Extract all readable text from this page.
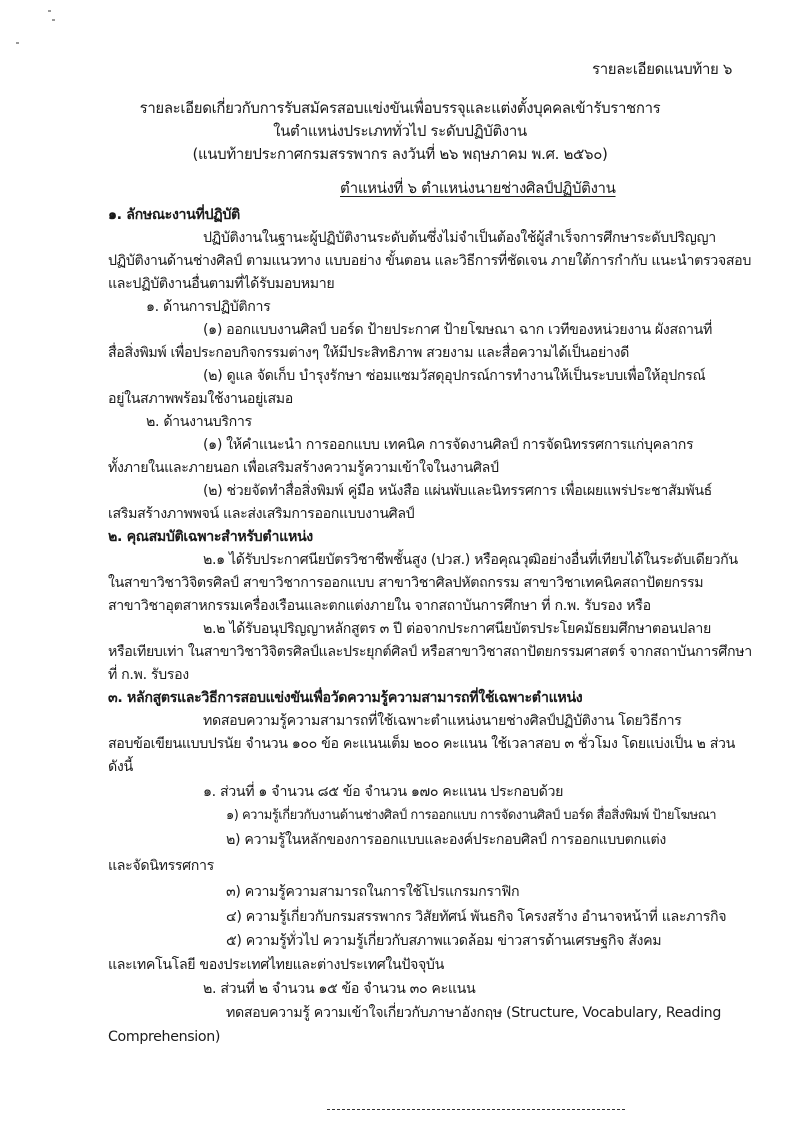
รายละเอียดแนบท้าย ๖
รายละเอียดเกี่ยวกับการรับสมัครสอบแข่งขันเพื่อบรรจุและแต่งตั้งบุคคลเข้ารับราชการ
ในตำแหน่งประเภททั่วไป ระดับปฏิบัติงาน
(แนบท้ายประกาศกรมสรรพากร ลงวันที่ ๒๖ พฤษภาคม พ.ศ. ๒๕๖๐)
ตำแหน่งที่ ๖ ตำแหน่งนายช่างศิลป์ปฏิบัติงาน
๑. ลักษณะงานที่ปฏิบัติ
ปฏิบัติงานในฐานะผู้ปฏิบัติงานระดับต้นซึ่งไม่จำเป็นต้องใช้ผู้สำเร็จการศึกษาระดับปริญญา
ปฏิบัติงานด้านช่างศิลป์ ตามแนวทาง แบบอย่าง ขั้นตอน และวิธีการที่ชัดเจน ภายใต้การกำกับ แนะนำตรวจสอบ
และปฏิบัติงานอื่นตามที่ได้รับมอบหมาย
๑. ด้านการปฏิบัติการ
(๑) ออกแบบงานศิลป์ บอร์ด ป้ายประกาศ ป้ายโฆษณา ฉาก เวทีของหน่วยงาน ผังสถานที่
สื่อสิ่งพิมพ์ เพื่อประกอบกิจกรรมต่างๆ ให้มีประสิทธิภาพ สวยงาม และสื่อความได้เป็นอย่างดี
(๒) ดูแล จัดเก็บ บำรุงรักษา ซ่อมแซมวัสดุอุปกรณ์การทำงานให้เป็นระบบเพื่อให้อุปกรณ์
อยู่ในสภาพพร้อมใช้งานอยู่เสมอ
๒. ด้านงานบริการ
(๑) ให้คำแนะนำ การออกแบบ เทคนิค การจัดงานศิลป์ การจัดนิทรรศการแก่บุคลากร
ทั้งภายในและภายนอก เพื่อเสริมสร้างความรู้ความเข้าใจในงานศิลป์
(๒) ช่วยจัดทำสื่อสิ่งพิมพ์ คู่มือ หนังสือ แผ่นพับและนิทรรศการ เพื่อเผยแพร่ประชาสัมพันธ์
เสริมสร้างภาพพจน์ และส่งเสริมการออกแบบงานศิลป์
๒. คุณสมบัติเฉพาะสำหรับตำแหน่ง
๒.๑ ได้รับประกาศนียบัตรวิชาชีพชั้นสูง (ปวส.) หรือคุณวุฒิอย่างอื่นที่เทียบได้ในระดับเดียวกัน
ในสาขาวิชาวิจิตรศิลป์ สาขาวิชาการออกแบบ สาขาวิชาศิลปหัตถกรรม สาขาวิชาเทคนิคสถาปัตยกรรม
สาขาวิชาอุตสาหกรรมเครื่องเรือนและตกแต่งภายใน จากสถาบันการศึกษา ที่ ก.พ. รับรอง หรือ
๒.๒ ได้รับอนุปริญญาหลักสูตร ๓ ปี ต่อจากประกาศนียบัตรประโยคมัธยมศึกษาตอนปลาย
หรือเทียบเท่า ในสาขาวิชาวิจิตรศิลป์และประยุกต์ศิลป์ หรือสาขาวิชาสถาปัตยกรรมศาสตร์ จากสถาบันการศึกษา
ที่ ก.พ. รับรอง
๓. หลักสูตรและวิธีการสอบแข่งขันเพื่อวัดความรู้ความสามารถที่ใช้เฉพาะตำแหน่ง
ทดสอบความรู้ความสามารถที่ใช้เฉพาะตำแหน่งนายช่างศิลป์ปฏิบัติงาน โดยวิธีการ
สอบข้อเขียนแบบปรนัย จำนวน ๑๐๐ ข้อ คะแนนเต็ม ๒๐๐ คะแนน ใช้เวลาสอบ ๓ ชั่วโมง โดยแบ่งเป็น ๒ ส่วน
ดังนี้
๑. ส่วนที่ ๑ จำนวน ๘๕ ข้อ จำนวน ๑๗๐ คะแนน ประกอบด้วย
๑) ความรู้เกี่ยวกับงานด้านช่างศิลป์ การออกแบบ การจัดงานศิลป์ บอร์ด สื่อสิ่งพิมพ์ ป้ายโฆษณา
๒) ความรู้ในหลักของการออกแบบและองค์ประกอบศิลป์ การออกแบบตกแต่ง
และจัดนิทรรศการ
๓) ความรู้ความสามารถในการใช้โปรแกรมกราฟิก
๔) ความรู้เกี่ยวกับกรมสรรพากร วิสัยทัศน์ พันธกิจ โครงสร้าง อำนาจหน้าที่ และภารกิจ
๕) ความรู้ทั่วไป ความรู้เกี่ยวกับสภาพแวดล้อม ข่าวสารด้านเศรษฐกิจ สังคม
และเทคโนโลยี ของประเทศไทยและต่างประเทศในปัจจุบัน
๒. ส่วนที่ ๒ จำนวน ๑๕ ข้อ จำนวน ๓๐ คะแนน
ทดสอบความรู้ ความเข้าใจเกี่ยวกับภาษาอังกฤษ (Structure, Vocabulary, Reading
Comprehension)
